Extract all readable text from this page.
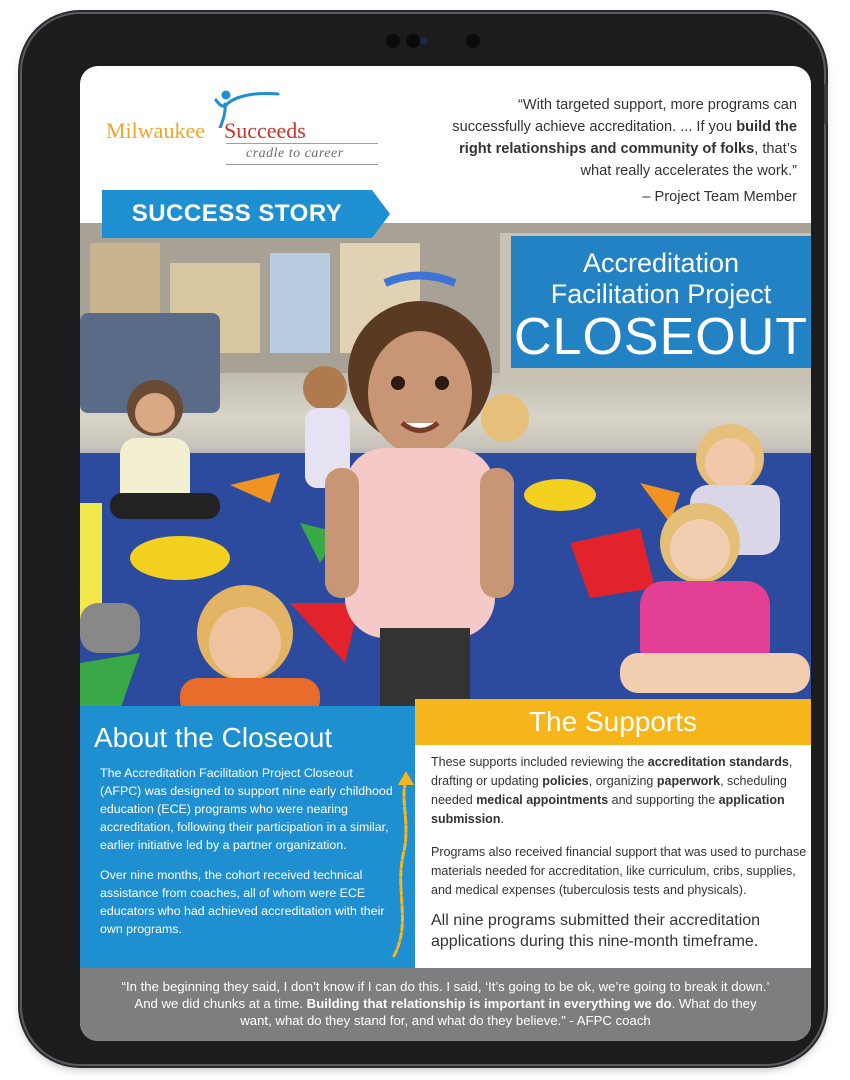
Milwaukee Succeeds
cradle to career
“With targeted support, more programs can successfully achieve accreditation. ... If you build the right relationships and community of folks, that’s what really accelerates the work.”
– Project Team Member
SUCCESS STORY
Accreditation
Facilitation Project
CLOSEOUT
About the Closeout

The Accreditation Facilitation Project Closeout (AFPC) was designed to support nine early childhood education (ECE) programs who were nearing accreditation, following their participation in a similar, earlier initiative led by a partner organization.

Over nine months, the cohort received technical assistance from coaches, all of whom were ECE educators who had achieved accreditation with their own programs.

The Supports

These supports included reviewing the accreditation standards, drafting or updating policies, organizing paperwork, scheduling needed medical appointments and supporting the application submission.

Programs also received financial support that was used to purchase materials needed for accreditation, like curriculum, cribs, supplies, and medical expenses (tuberculosis tests and physicals).

All nine programs submitted their accreditation applications during this nine-month timeframe.

“In the beginning they said, I don’t know if I can do this. I said, ‘It’s going to be ok, we’re going to break it down.’ And we did chunks at a time. Building that relationship is important in everything we do. What do they want, what do they stand for, and what do they believe.” - AFPC coach
